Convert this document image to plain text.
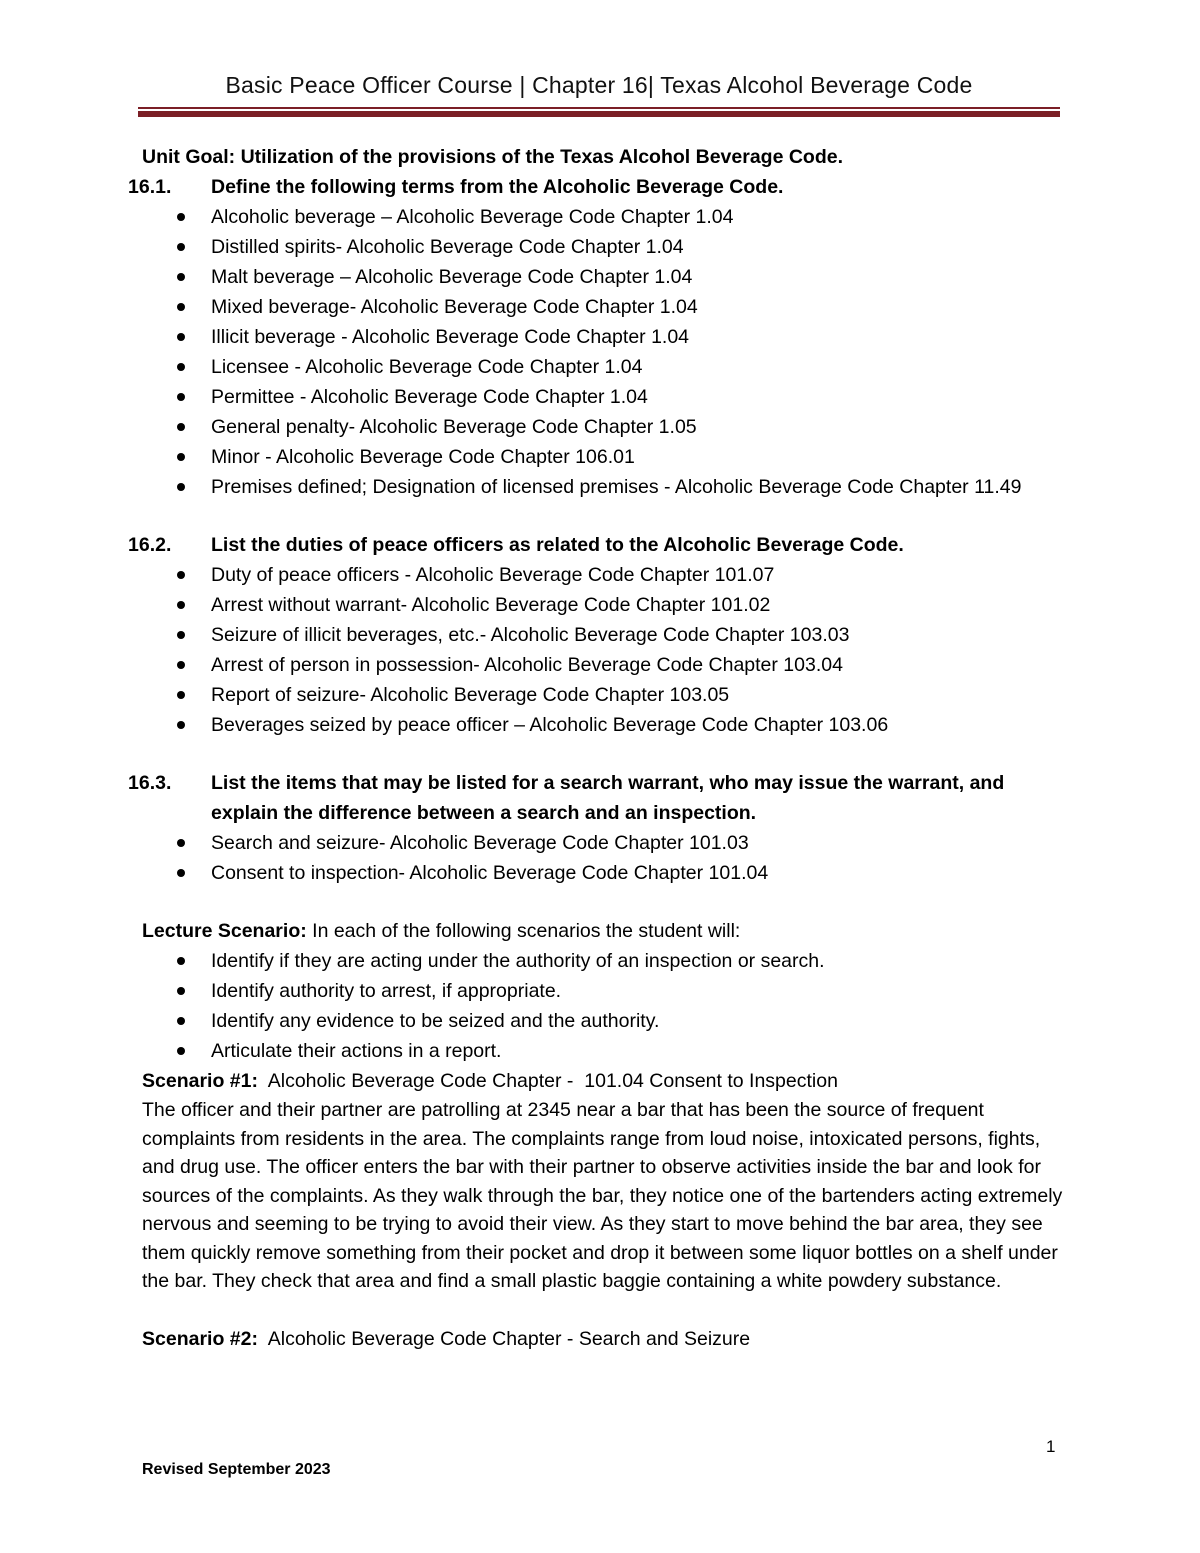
Basic Peace Officer Course | Chapter 16| Texas Alcohol Beverage Code
Unit Goal: Utilization of the provisions of the Texas Alcohol Beverage Code.
16.1.	Define the following terms from the Alcoholic Beverage Code.
Alcoholic beverage – Alcoholic Beverage Code Chapter 1.04
Distilled spirits- Alcoholic Beverage Code Chapter 1.04
Malt beverage – Alcoholic Beverage Code Chapter 1.04
Mixed beverage- Alcoholic Beverage Code Chapter 1.04
Illicit beverage - Alcoholic Beverage Code Chapter 1.04
Licensee - Alcoholic Beverage Code Chapter 1.04
Permittee - Alcoholic Beverage Code Chapter 1.04
General penalty- Alcoholic Beverage Code Chapter 1.05
Minor - Alcoholic Beverage Code Chapter 106.01
Premises defined; Designation of licensed premises - Alcoholic Beverage Code Chapter 11.49
16.2.	List the duties of peace officers as related to the Alcoholic Beverage Code.
Duty of peace officers - Alcoholic Beverage Code Chapter 101.07
Arrest without warrant- Alcoholic Beverage Code Chapter 101.02
Seizure of illicit beverages, etc.- Alcoholic Beverage Code Chapter 103.03
Arrest of person in possession- Alcoholic Beverage Code Chapter 103.04
Report of seizure- Alcoholic Beverage Code Chapter 103.05
Beverages seized by peace officer – Alcoholic Beverage Code Chapter 103.06
16.3.	List the items that may be listed for a search warrant, who may issue the warrant, and explain the difference between a search and an inspection.
Search and seizure- Alcoholic Beverage Code Chapter 101.03
Consent to inspection- Alcoholic Beverage Code Chapter 101.04
Lecture Scenario: In each of the following scenarios the student will:
Identify if they are acting under the authority of an inspection or search.
Identify authority to arrest, if appropriate.
Identify any evidence to be seized and the authority.
Articulate their actions in a report.
Scenario #1:  Alcoholic Beverage Code Chapter -  101.04 Consent to Inspection
The officer and their partner are patrolling at 2345 near a bar that has been the source of frequent complaints from residents in the area. The complaints range from loud noise, intoxicated persons, fights, and drug use. The officer enters the bar with their partner to observe activities inside the bar and look for sources of the complaints. As they walk through the bar, they notice one of the bartenders acting extremely nervous and seeming to be trying to avoid their view. As they start to move behind the bar area, they see them quickly remove something from their pocket and drop it between some liquor bottles on a shelf under the bar. They check that area and find a small plastic baggie containing a white powdery substance.
Scenario #2:  Alcoholic Beverage Code Chapter - Search and Seizure
1
Revised September 2023
